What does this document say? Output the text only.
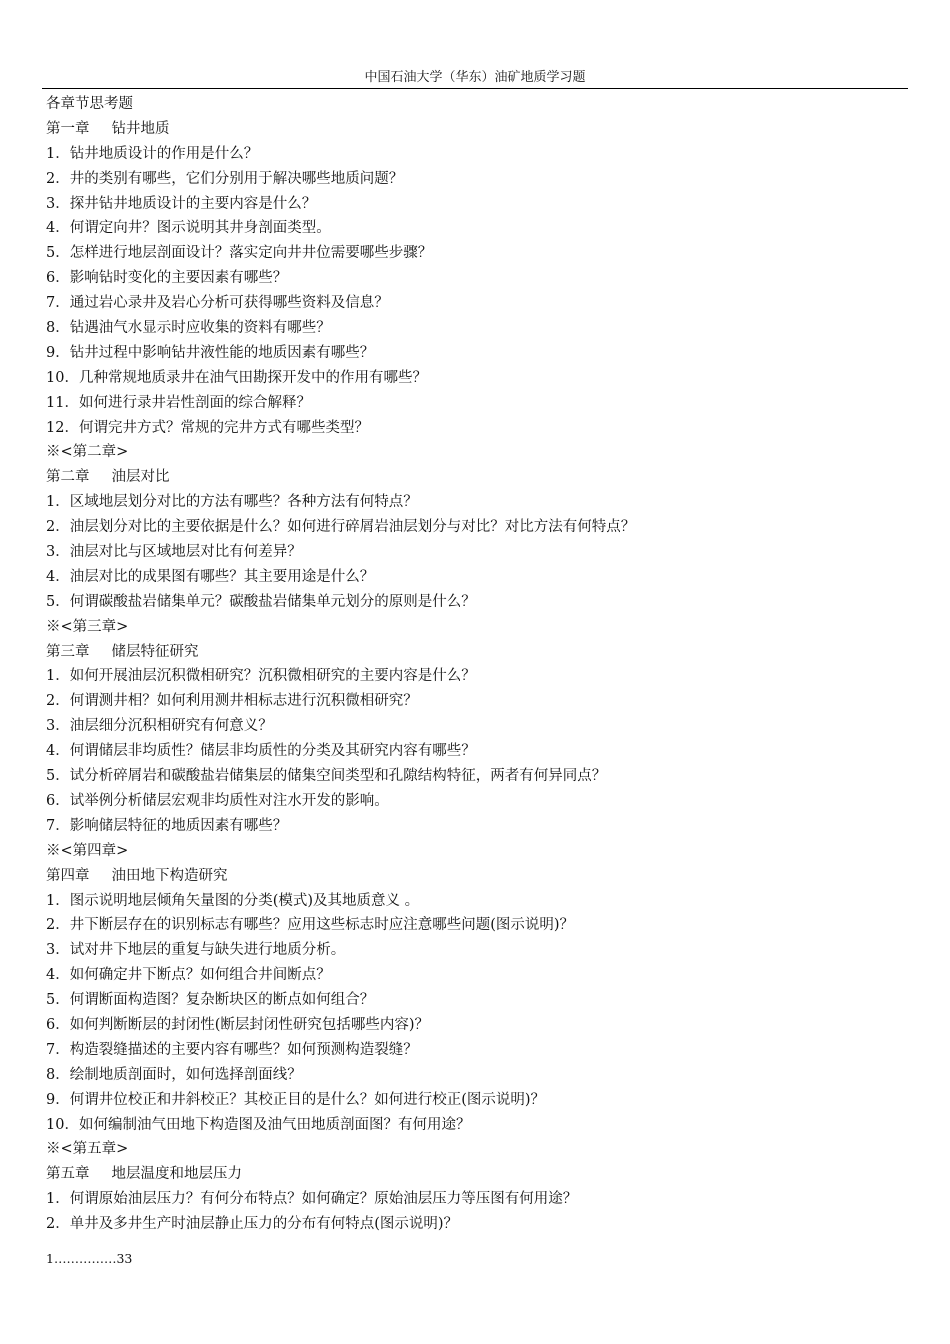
中国石油大学（华东）油矿地质学习题
各章节思考题
第一章 钻井地质
1．钻井地质设计的作用是什么？
2．井的类别有哪些，它们分别用于解决哪些地质问题？
3．探井钻井地质设计的主要内容是什么？
4．何谓定向井？图示说明其井身剖面类型。
5．怎样进行地层剖面设计？落实定向井井位需要哪些步骤？
6．影响钻时变化的主要因素有哪些？
7．通过岩心录井及岩心分析可获得哪些资料及信息？
8．钻遇油气水显示时应收集的资料有哪些？
9．钻井过程中影响钻井液性能的地质因素有哪些？
10．几种常规地质录井在油气田勘探开发中的作用有哪些？
11．如何进行录井岩性剖面的综合解释？
12．何谓完井方式？常规的完井方式有哪些类型？
※<第二章>
第二章 油层对比
1．区域地层划分对比的方法有哪些？各种方法有何特点？
2．油层划分对比的主要依据是什么？如何进行碎屑岩油层划分与对比？对比方法有何特点？
3．油层对比与区域地层对比有何差异？
4．油层对比的成果图有哪些？其主要用途是什么？
5．何谓碳酸盐岩储集单元？碳酸盐岩储集单元划分的原则是什么？
※<第三章>
第三章 储层特征研究
1．如何开展油层沉积微相研究？沉积微相研究的主要内容是什么？
2．何谓测井相？如何利用测井相标志进行沉积微相研究？
3．油层细分沉积相研究有何意义？
4．何谓储层非均质性？储层非均质性的分类及其研究内容有哪些？
5．试分析碎屑岩和碳酸盐岩储集层的储集空间类型和孔隙结构特征，两者有何异同点？
6．试举例分析储层宏观非均质性对注水开发的影响。
7．影响储层特征的地质因素有哪些？
※<第四章>
第四章 油田地下构造研究
1．图示说明地层倾角矢量图的分类(模式)及其地质意义 。
2．井下断层存在的识别标志有哪些？应用这些标志时应注意哪些问题(图示说明)？
3．试对井下地层的重复与缺失进行地质分析。
4．如何确定井下断点？如何组合井间断点？
5．何谓断面构造图？复杂断块区的断点如何组合？
6．如何判断断层的封闭性(断层封闭性研究包括哪些内容)？
7．构造裂缝描述的主要内容有哪些？如何预测构造裂缝？
8．绘制地质剖面时，如何选择剖面线？
9．何谓井位校正和井斜校正？其校正目的是什么？如何进行校正(图示说明)？
10．如何编制油气田地下构造图及油气田地质剖面图？有何用途？
※<第五章>
第五章 地层温度和地层压力
1．何谓原始油层压力？有何分布特点？如何确定？原始油层压力等压图有何用途？
2．单井及多井生产时油层静止压力的分布有何特点(图示说明)？
1……………33
